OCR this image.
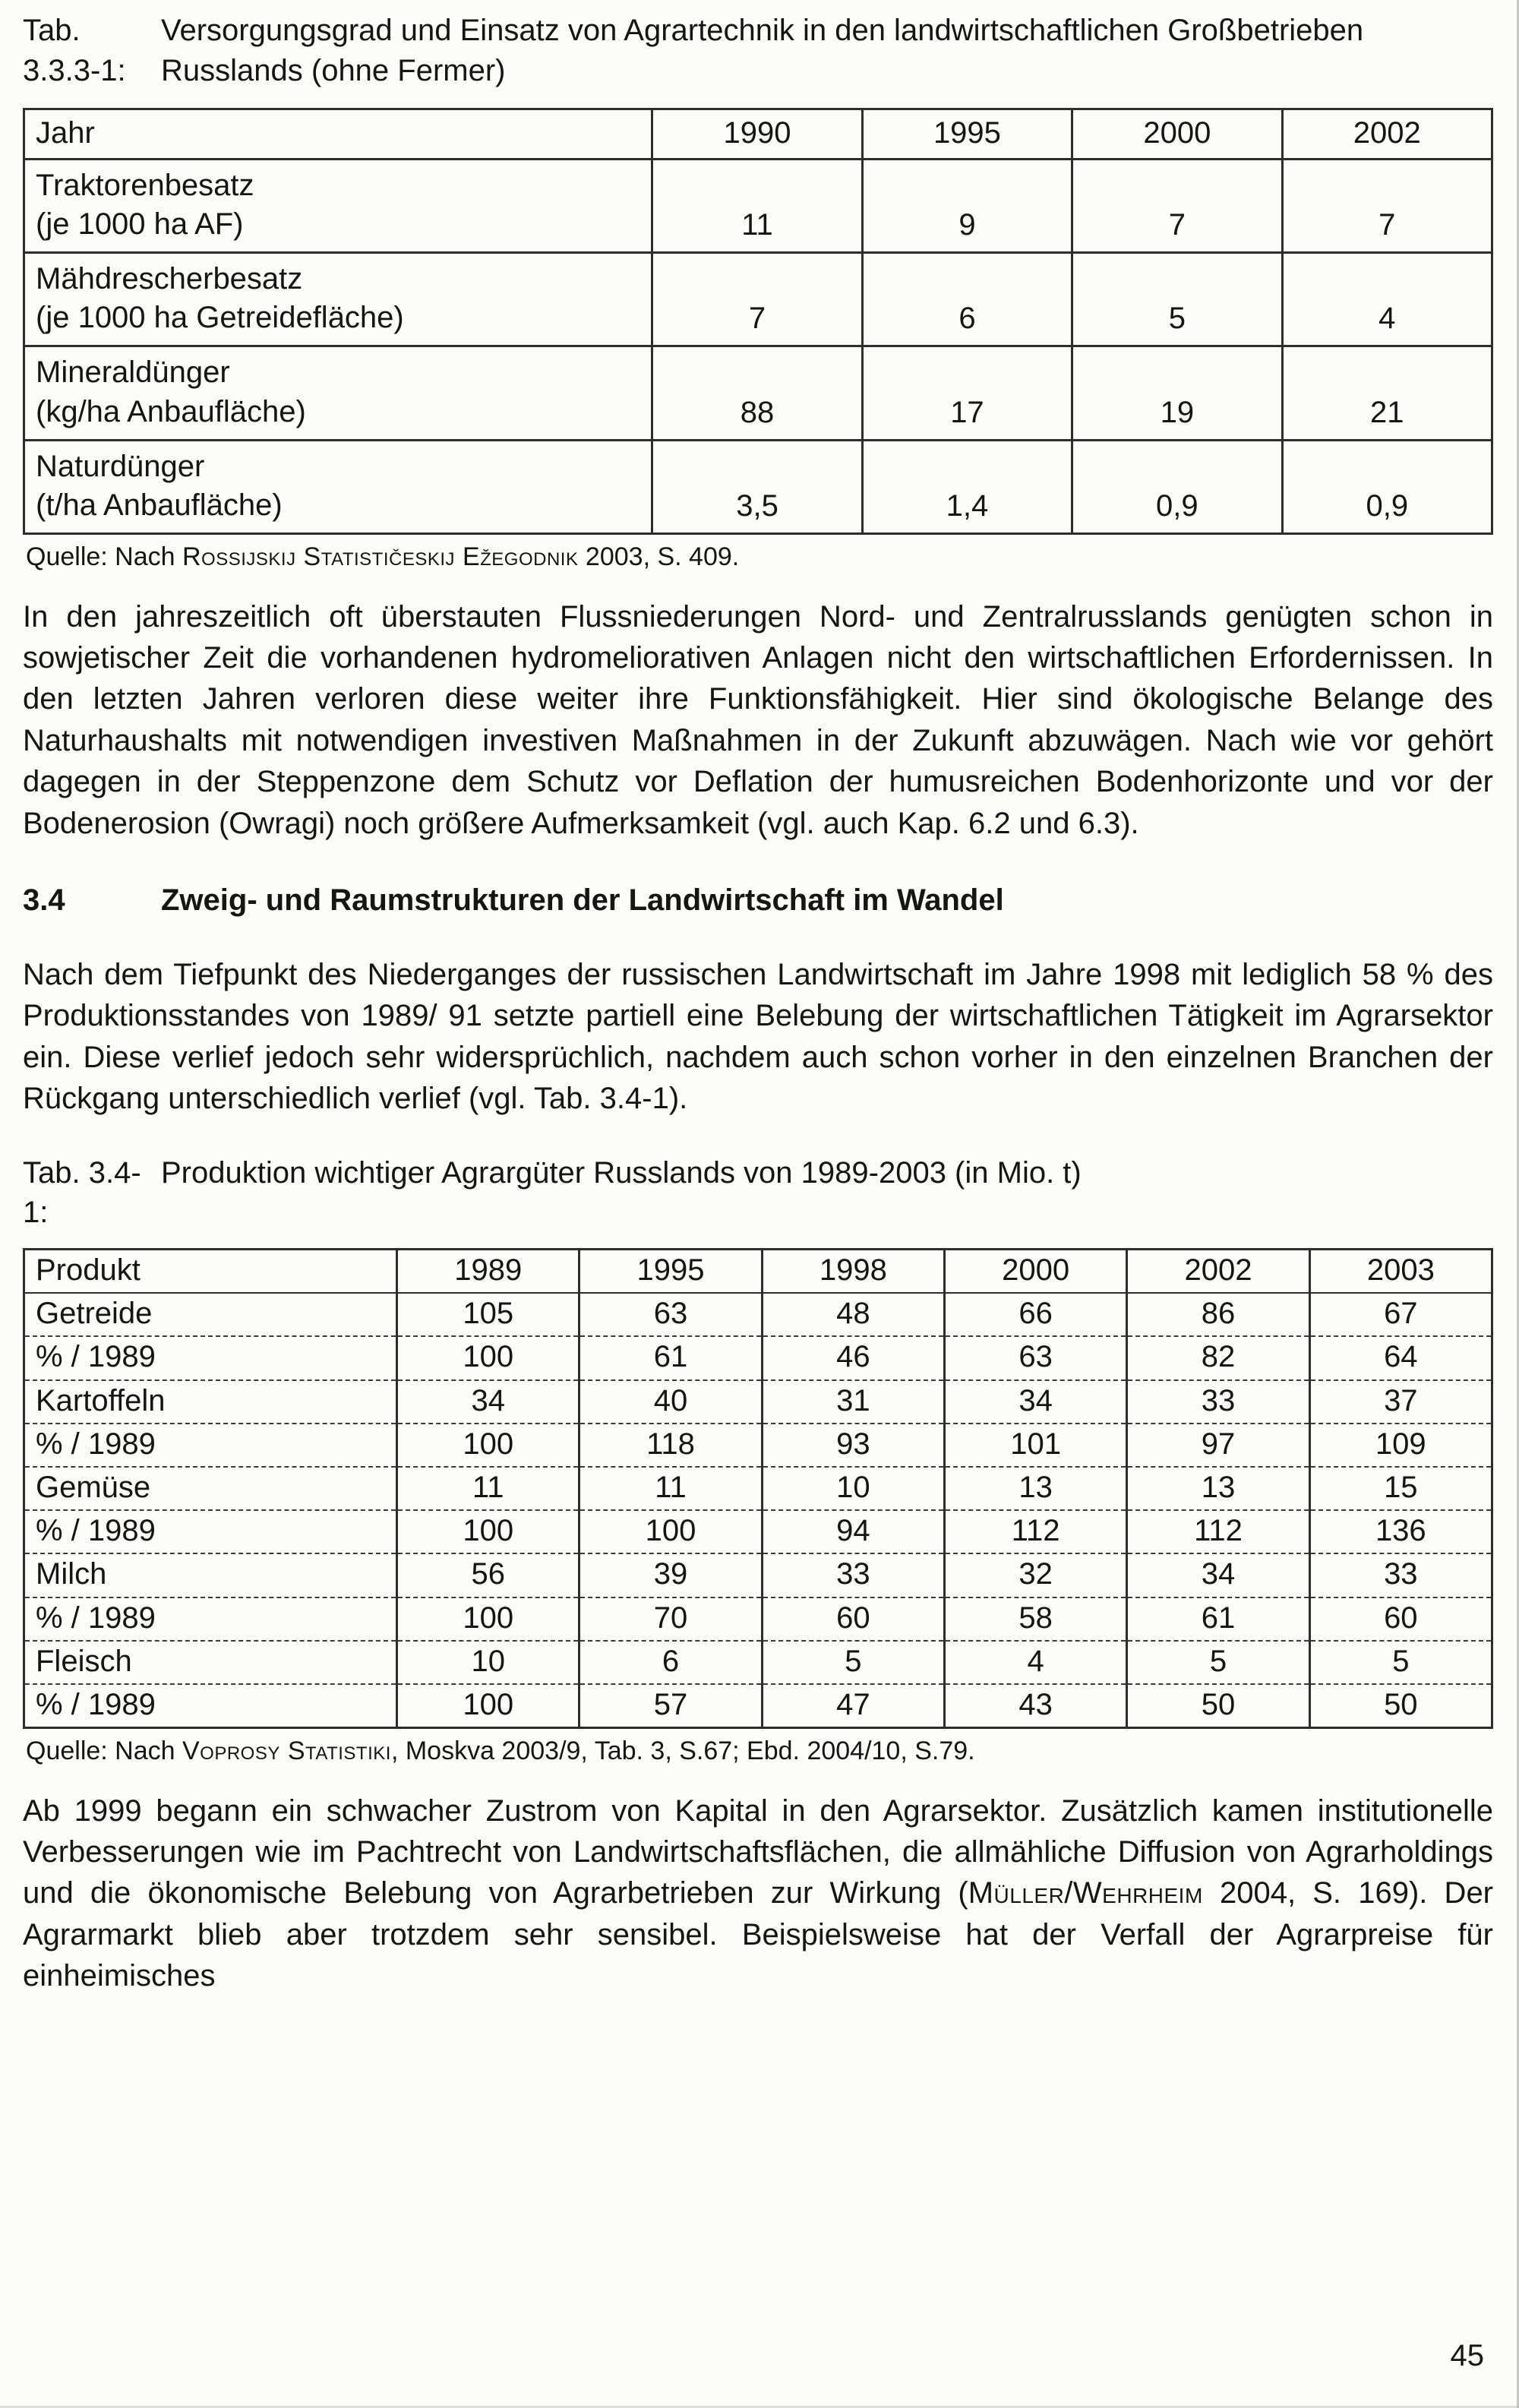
Tab. 3.3.3-1:
Versorgungsgrad und Einsatz von Agrartechnik in den landwirtschaftlichen Großbetrieben Russlands (ohne Fermer)
Jahr	1990	1995	2000	2002

Traktorenbesatz
(je 1000 ha AF)	11	9	7	7

Mähdrescherbesatz
(je 1000 ha Getreidefläche)	7	6	5	4

Mineraldünger
(kg/ha Anbaufläche)	88	17	19	21

Naturdünger
(t/ha Anbaufläche)	3,5	1,4	0,9	0,9
Quelle: Nach Rossijskij Statističeskij Ežegodnik 2003, S. 409.

In den jahreszeitlich oft überstauten Flussniederungen Nord- und Zentralrusslands genügten schon in sowjetischer Zeit die vorhandenen hydromeliorativen Anlagen nicht den wirtschaftlichen Erfordernissen. In den letzten Jahren verloren diese weiter ihre Funktionsfähigkeit. Hier sind ökologische Belange des Naturhaushalts mit notwendigen investiven Maßnahmen in der Zukunft abzuwägen. Nach wie vor gehört dagegen in der Steppenzone dem Schutz vor Deflation der humusreichen Bodenhorizonte und vor der Bodenerosion (Owragi) noch größere Aufmerksamkeit (vgl. auch Kap. 6.2 und 6.3).

3.4	Zweig- und Raumstrukturen der Landwirtschaft im Wandel

Nach dem Tiefpunkt des Niederganges der russischen Landwirtschaft im Jahre 1998 mit lediglich 58 % des Produktionsstandes von 1989/ 91 setzte partiell eine Belebung der wirtschaftlichen Tätigkeit im Agrarsektor ein. Diese verlief jedoch sehr widersprüchlich, nachdem auch schon vorher in den einzelnen Branchen der Rückgang unterschiedlich verlief (vgl. Tab. 3.4-1).

Tab. 3.4-1:
Produktion wichtiger Agrargüter Russlands von 1989-2003 (in Mio. t)
Produkt	1989	1995	1998	2000	2002	2003
Getreide	105	63	48	66	86	67
% / 1989	100	61	46	63	82	64
Kartoffeln	34	40	31	34	33	37
% / 1989	100	118	93	101	97	109
Gemüse	11	11	10	13	13	15
% / 1989	100	100	94	112	112	136
Milch	56	39	33	32	34	33
% / 1989	100	70	60	58	61	60
Fleisch	10	6	5	4	5	5
% / 1989	100	57	47	43	50	50
Quelle: Nach Voprosy Statistiki, Moskva 2003/9, Tab. 3, S.67; Ebd. 2004/10, S.79.

Ab 1999 begann ein schwacher Zustrom von Kapital in den Agrarsektor. Zusätzlich kamen institutionelle Verbesserungen wie im Pachtrecht von Landwirtschaftsflächen, die allmähliche Diffusion von Agrarholdings und die ökonomische Belebung von Agrarbetrieben zur Wirkung (Müller/Wehrheim 2004, S. 169). Der Agrarmarkt blieb aber trotzdem sehr sensibel. Beispielsweise hat der Verfall der Agrarpreise für einheimisches

45
